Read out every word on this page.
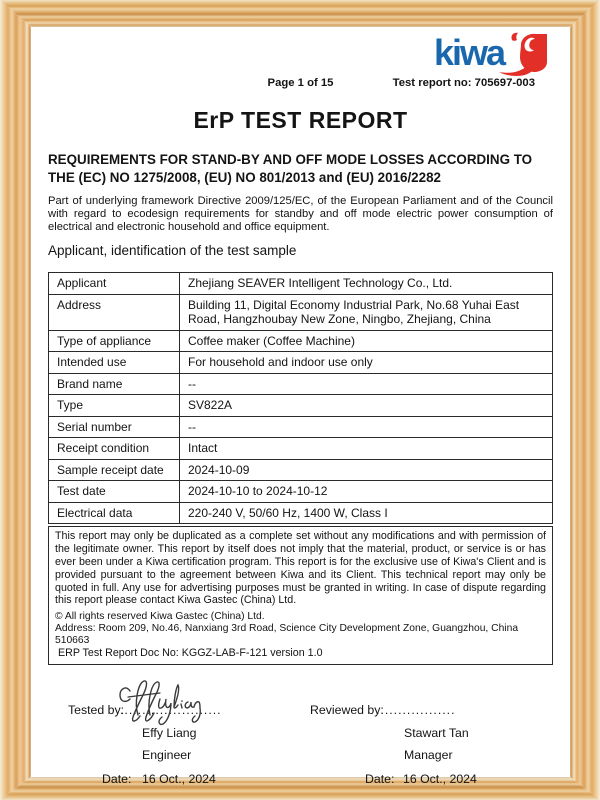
kiwa
Page 1 of 15	Test report no: 705697-003
ErP TEST REPORT
REQUIREMENTS FOR STAND-BY AND OFF MODE LOSSES ACCORDING TO THE (EC) NO 1275/2008, (EU) NO 801/2013 and (EU) 2016/2282

Part of underlying framework Directive 2009/125/EC, of the European Parliament and of the Council with regard to ecodesign requirements for standby and off mode electric power consumption of electrical and electronic household and office equipment.

Applicant, identification of the test sample
Applicant	Zhejiang SEAVER Intelligent Technology Co., Ltd.
Address	Building 11, Digital Economy Industrial Park, No.68 Yuhai East Road, Hangzhoubay New Zone, Ningbo, Zhejiang, China
Type of appliance	Coffee maker (Coffee Machine)
Intended use	For household and indoor use only
Brand name	--
Type	SV822A
Serial number	--
Receipt condition	Intact
Sample receipt date	2024-10-09
Test date	2024-10-10 to 2024-10-12
Electrical data	220-240 V, 50/60 Hz, 1400 W, Class I
This report may only be duplicated as a complete set without any modifications and with permission of the legitimate owner. This report by itself does not imply that the material, product, or service is or has ever been under a Kiwa certification program. This report is for the exclusive use of Kiwa's Client and is provided pursuant to the agreement between Kiwa and its Client. This technical report may only be quoted in full. Any use for advertising purposes must be granted in writing. In case of dispute regarding this report please contact Kiwa Gastec (China) Ltd.
© All rights reserved Kiwa Gastec (China) Ltd.
Address: Room 209, No.46, Nanxiang 3rd Road, Science City Development Zone, Guangzhou, China 510663
ERP Test Report Doc No: KGGZ-LAB-F-121 version 1.0
Tested by:
.......................	Reviewed by:
..................
Effy Liang
Engineer
Stawart Tan
Manager
Date: 16 Oct., 2024	Date: 16 Oct., 2024
